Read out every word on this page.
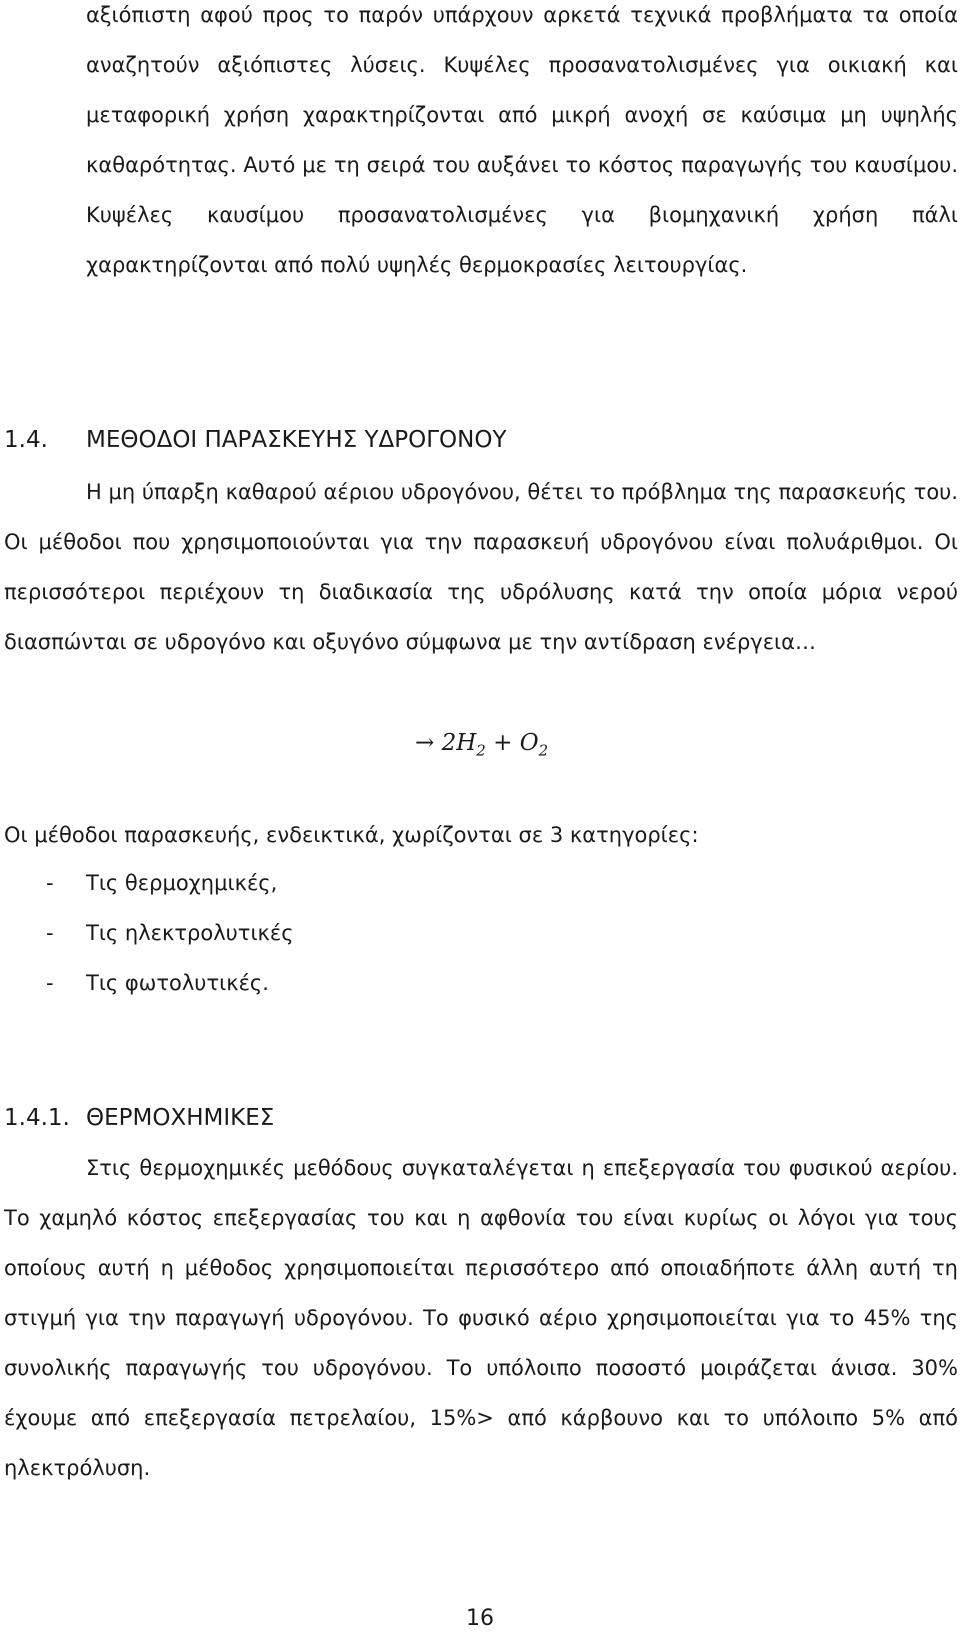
αξιόπιστη αφού προς το παρόν υπάρχουν αρκετά τεχνικά προβλήματα τα οποία αναζητούν αξιόπιστες λύσεις. Κυψέλες προσανατολισμένες για οικιακή και μεταφορική χρήση χαρακτηρίζονται από μικρή ανοχή σε καύσιμα μη υψηλής καθαρότητας. Αυτό με τη σειρά του αυξάνει το κόστος παραγωγής του καυσίμου. Κυψέλες καυσίμου προσανατολισμένες για βιομηχανική χρήση πάλι χαρακτηρίζονται από πολύ υψηλές θερμοκρασίες λειτουργίας.

1.4. ΜΕΘΟΔΟΙ ΠΑΡΑΣΚΕΥΗΣ ΥΔΡΟΓΟΝΟΥ

Η μη ύπαρξη καθαρού αέριου υδρογόνου, θέτει το πρόβλημα της παρασκευής του. Οι μέθοδοι που χρησιμοποιούνται για την παρασκευή υδρογόνου είναι πολυάριθμοι. Οι περισσότεροι περιέχουν τη διαδικασία της υδρόλυσης κατά την οποία μόρια νερού διασπώνται σε υδρογόνο και οξυγόνο σύμφωνα με την αντίδραση ενέργεια…

→ $2H_2 + O_2$
Οι μέθοδοι παρασκευής, ενδεικτικά, χωρίζονται σε 3 κατηγορίες:
- Τις θερμοχημικές,
- Τις ηλεκτρολυτικές
- Τις φωτολυτικές.
1.4.1. ΘΕΡΜΟΧΗΜΙΚΕΣ

Στις θερμοχημικές μεθόδους συγκαταλέγεται η επεξεργασία του φυσικού αερίου. Το χαμηλό κόστος επεξεργασίας του και η αφθονία του είναι κυρίως οι λόγοι για τους οποίους αυτή η μέθοδος χρησιμοποιείται περισσότερο από οποιαδήποτε άλλη αυτή τη στιγμή για την παραγωγή υδρογόνου. Το φυσικό αέριο χρησιμοποιείται για το 45% της συνολικής παραγωγής του υδρογόνου. Το υπόλοιπο ποσοστό μοιράζεται άνισα. 30% έχουμε από επεξεργασία πετρελαίου, 15%> από κάρβουνο και το υπόλοιπο 5% από ηλεκτρόλυση.

16
